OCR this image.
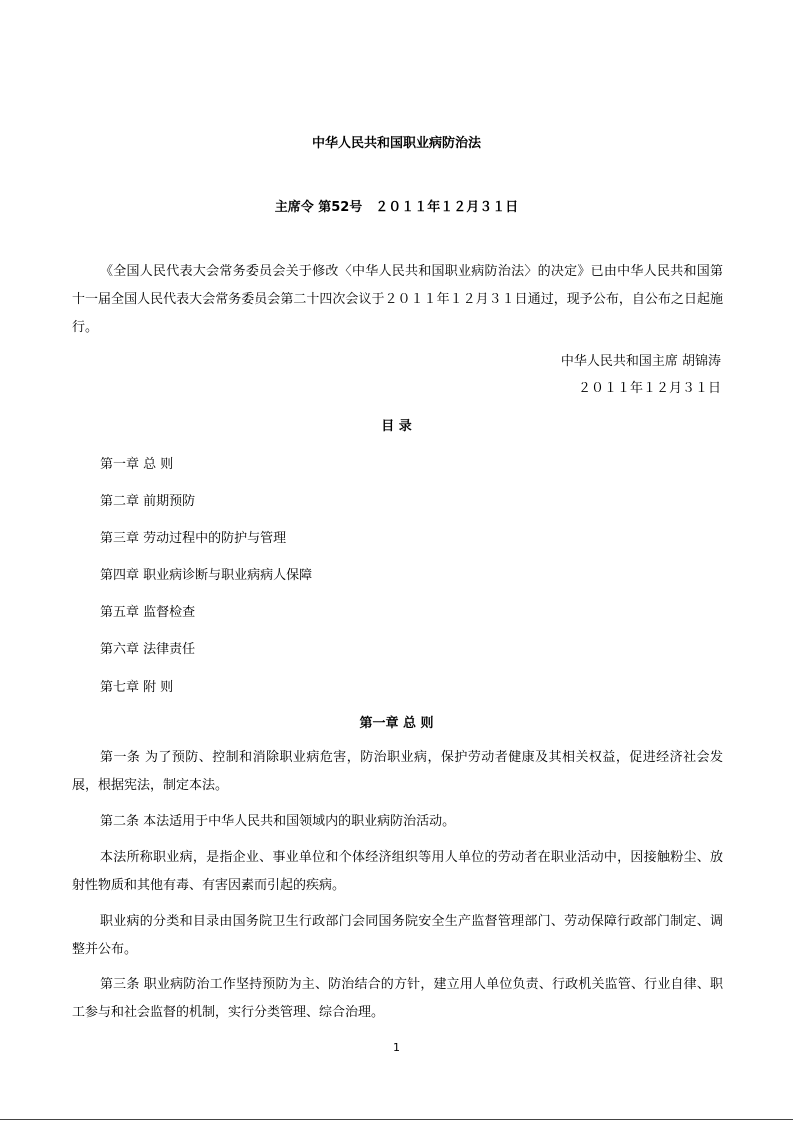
中华人民共和国职业病防治法
主席令 第52号　２０１１年１２月３１日
《全国人民代表大会常务委员会关于修改〈中华人民共和国职业病防治法〉的决定》已由中华人民共和国第十一届全国人民代表大会常务委员会第二十四次会议于２０１１年１２月３１日通过，现予公布，自公布之日起施行。
中华人民共和国主席 胡锦涛
２０１１年１２月３１日
目 录
第一章 总 则
第二章 前期预防
第三章 劳动过程中的防护与管理
第四章 职业病诊断与职业病病人保障
第五章 监督检查
第六章 法律责任
第七章 附 则
第一章 总 则
第一条 为了预防、控制和消除职业病危害，防治职业病，保护劳动者健康及其相关权益，促进经济社会发展，根据宪法，制定本法。
第二条 本法适用于中华人民共和国领域内的职业病防治活动。
本法所称职业病，是指企业、事业单位和个体经济组织等用人单位的劳动者在职业活动中，因接触粉尘、放射性物质和其他有毒、有害因素而引起的疾病。
职业病的分类和目录由国务院卫生行政部门会同国务院安全生产监督管理部门、劳动保障行政部门制定、调整并公布。
第三条 职业病防治工作坚持预防为主、防治结合的方针，建立用人单位负责、行政机关监管、行业自律、职工参与和社会监督的机制，实行分类管理、综合治理。
1
